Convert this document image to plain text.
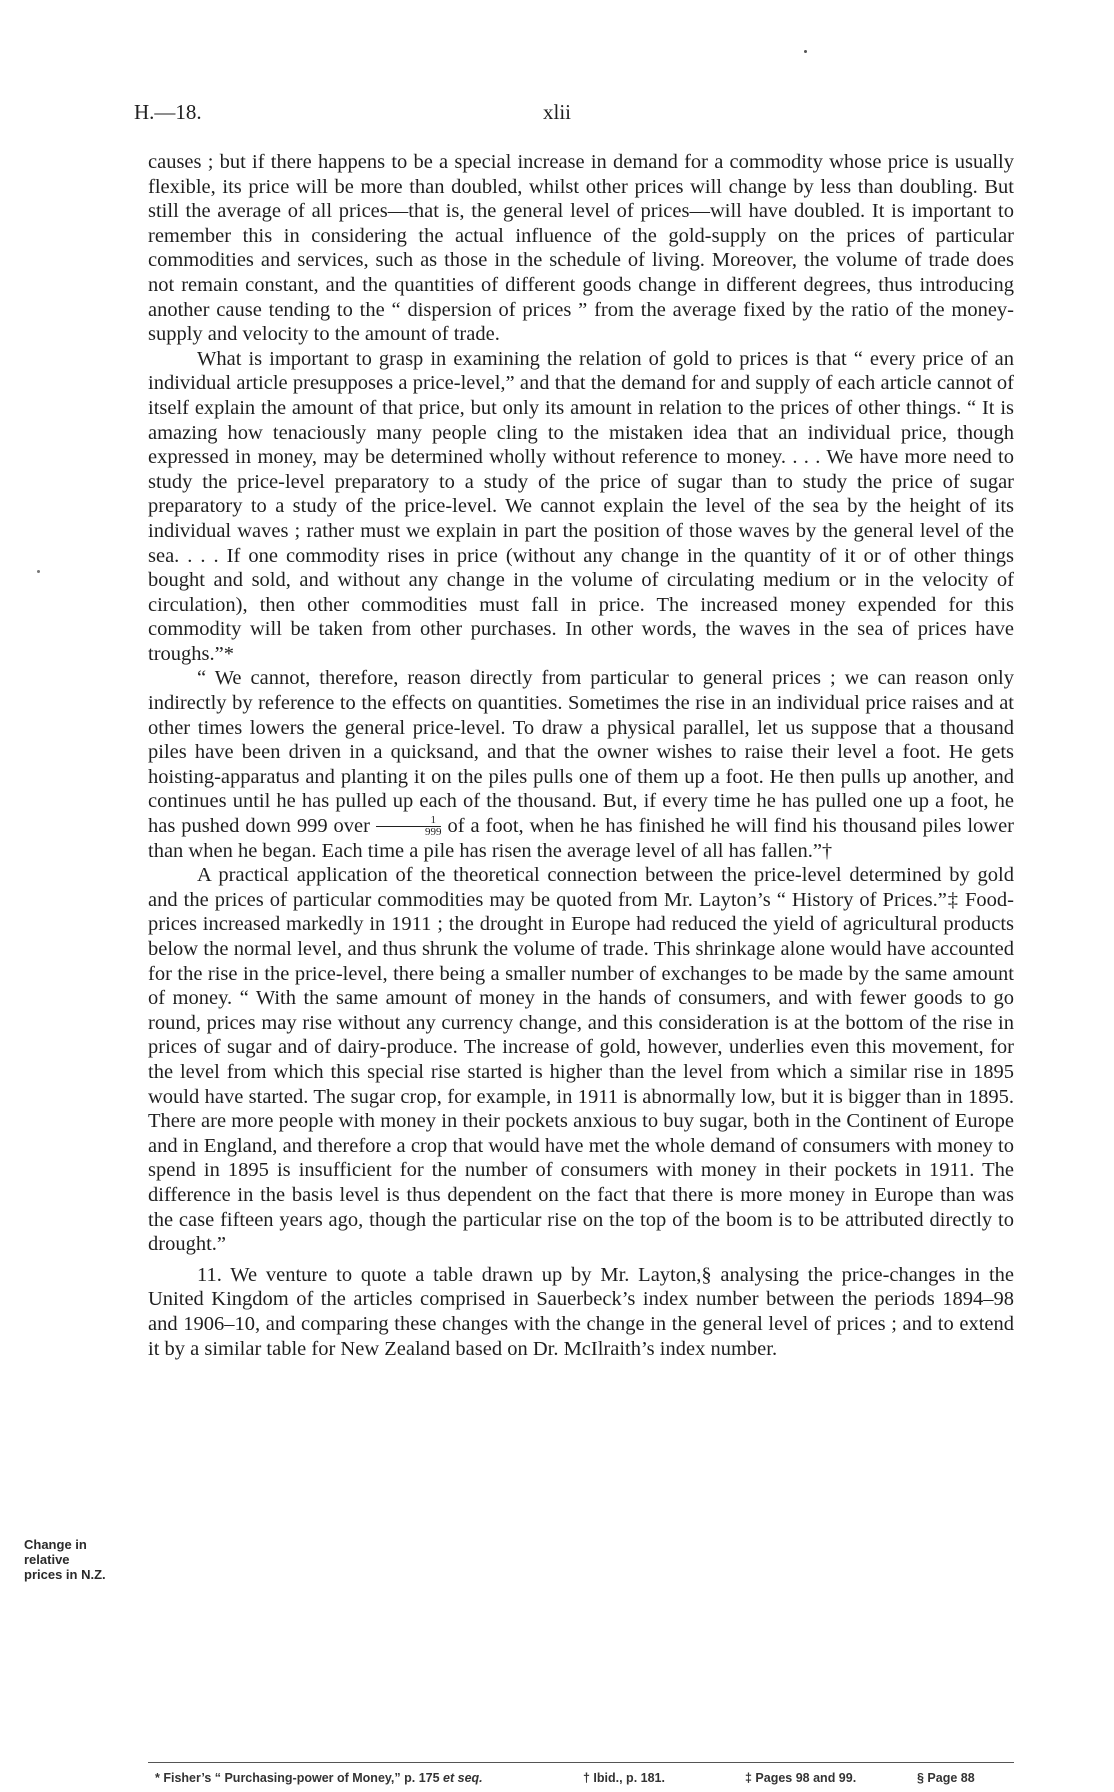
xlii
H.—18.

causes ; but if there happens to be a special increase in demand for a commodity whose price is usually flexible, its price will be more than doubled, whilst other prices will change by less than doubling. But still the average of all prices—that is, the general level of prices—will have doubled. It is important to remember this in considering the actual influence of the gold-supply on the prices of particular commodities and services, such as those in the schedule of living. Moreover, the volume of trade does not remain constant, and the quantities of different goods change in different degrees, thus introducing another cause tending to the “ dispersion of prices ” from the average fixed by the ratio of the money-supply and velocity to the amount of trade.

What is important to grasp in examining the relation of gold to prices is that “ every price of an individual article presupposes a price-level,” and that the demand for and supply of each article cannot of itself explain the amount of that price, but only its amount in relation to the prices of other things. “ It is amazing how tenaciously many people cling to the mistaken idea that an individual price, though expressed in money, may be determined wholly without reference to money. . . . We have more need to study the price-level preparatory to a study of the price of sugar than to study the price of sugar preparatory to a study of the price-level. We cannot explain the level of the sea by the height of its individual waves ; rather must we explain in part the position of those waves by the general level of the sea. . . . If one commodity rises in price (without any change in the quantity of it or of other things bought and sold, and without any change in the volume of circulating medium or in the velocity of circulation), then other commodities must fall in price. The increased money expended for this commodity will be taken from other purchases. In other words, the waves in the sea of prices have troughs.”*

“ We cannot, therefore, reason directly from particular to general prices ; we can reason only indirectly by reference to the effects on quantities. Sometimes the rise in an individual price raises and at other times lowers the general price-level. To draw a physical parallel, let us suppose that a thousand piles have been driven in a quicksand, and that the owner wishes to raise their level a foot. He gets hoisting-apparatus and planting it on the piles pulls one of them up a foot. He then pulls up another, and continues until he has pulled up each of the thousand. But, if every time he has pulled one up a foot, he has pushed down 999 over $\frac{1}{999}$ of a foot, when he has finished he will find his thousand piles lower than when he began. Each time a pile has risen the average level of all has fallen.”†

A practical application of the theoretical connection between the price-level determined by gold and the prices of particular commodities may be quoted from Mr. Layton’s “ History of Prices.”‡ Food-prices increased markedly in 1911 ; the drought in Europe had reduced the yield of agricultural products below the normal level, and thus shrunk the volume of trade. This shrinkage alone would have accounted for the rise in the price-level, there being a smaller number of exchanges to be made by the same amount of money. “ With the same amount of money in the hands of consumers, and with fewer goods to go round, prices may rise without any currency change, and this consideration is at the bottom of the rise in prices of sugar and of dairy-produce. The increase of gold, however, underlies even this movement, for the level from which this special rise started is higher than the level from which a similar rise in 1895 would have started. The sugar crop, for example, in 1911 is abnormally low, but it is bigger than in 1895. There are more people with money in their pockets anxious to buy sugar, both in the Continent of Europe and in England, and therefore a crop that would have met the whole demand of consumers with money to spend in 1895 is insufficient for the number of consumers with money in their pockets in 1911. The difference in the basis level is thus dependent on the fact that there is more money in Europe than was the case fifteen years ago, though the particular rise on the top of the boom is to be attributed directly to drought.”

11. We venture to quote a table drawn up by Mr. Layton,§ analysing the price-changes in the United Kingdom of the articles comprised in Sauerbeck’s index number between the periods 1894–98 and 1906–10, and comparing these changes with the change in the general level of prices ; and to extend it by a similar table for New Zealand based on Dr. McIlraith’s index number.

Change in
relative
prices in N.Z.
* Fisher’s “ Purchasing-power of Money,” p. 175 et seq.	† Ibid., p. 181.	‡ Pages 98 and 99.	§ Page 88
